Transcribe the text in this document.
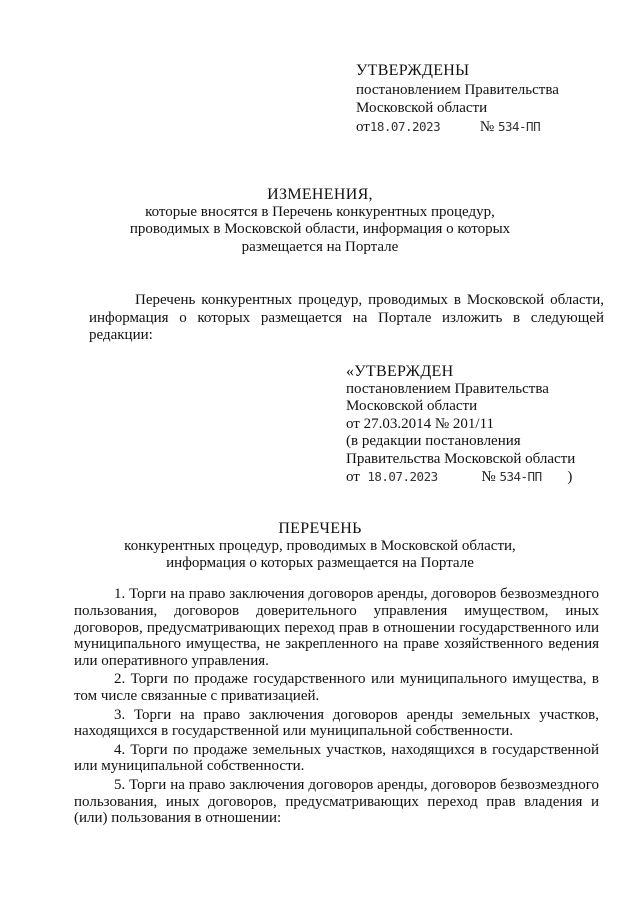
УТВЕРЖДЕНЫ
постановлением Правительства
Московской области
от18.07.2023	№ 534-ПП
ИЗМЕНЕНИЯ,
которые вносятся в Перечень конкурентных процедур,
проводимых в Московской области, информация о которых
размещается на Портале
Перечень конкурентных процедур, проводимых в Московской области, информация о которых размещается на Портале изложить в следующей редакции:
«УТВЕРЖДЕН
постановлением Правительства
Московской области
от 27.03.2014 № 201/11
(в редакции постановления
Правительства Московской области
от 18.07.2023	№ 534-ПП )
ПЕРЕЧЕНЬ
конкурентных процедур, проводимых в Московской области,
информация о которых размещается на Портале

1. Торги на право заключения договоров аренды, договоров безвозмездного пользования, договоров доверительного управления имуществом, иных договоров, предусматривающих переход прав в отношении государственного или муниципального имущества, не закрепленного на праве хозяйственного ведения или оперативного управления.

2. Торги по продаже государственного или муниципального имущества, в том числе связанные с приватизацией.

3. Торги на право заключения договоров аренды земельных участков, находящихся в государственной или муниципальной собственности.

4. Торги по продаже земельных участков, находящихся в государственной или муниципальной собственности.

5. Торги на право заключения договоров аренды, договоров безвозмездного пользования, иных договоров, предусматривающих переход прав владения и (или) пользования в отношении:
